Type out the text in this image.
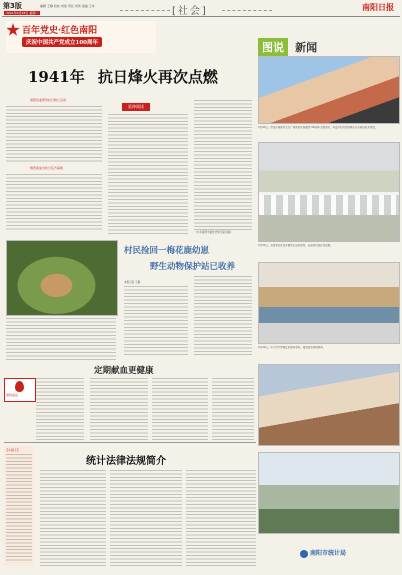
第3版	编辑 王静 校检 刘旭 责任 刘伟 美编 王华
2021年6月28日 星期一	[社会]	南阳日报
百年党史·红色南阳
庆祝中国共产党成立100周年
1941年 抗日烽火再次点燃
南阳县委领导抗日救亡运动
豫西南成为抗日后方基地
延伸阅读
（中共南阳市委党史研究室供稿）
图说 新闻
6月26日，市民在南阳市文化广场参加庆祝建党100周年主题活动，丰富多彩的活动吸引众多群众驻足观看。
6月25日，志愿者在社区开展党史宣传活动，向居民讲述红色故事。
6月24日，中小学生参观红色教育基地，接受革命传统教育。
村民捡回一梅花鹿幼崽
野生动物保护站已收养
本报记者 王静
定期献血更健康
南阳血站
【小贴士】
统计法律法规简介
南阳市统计局
